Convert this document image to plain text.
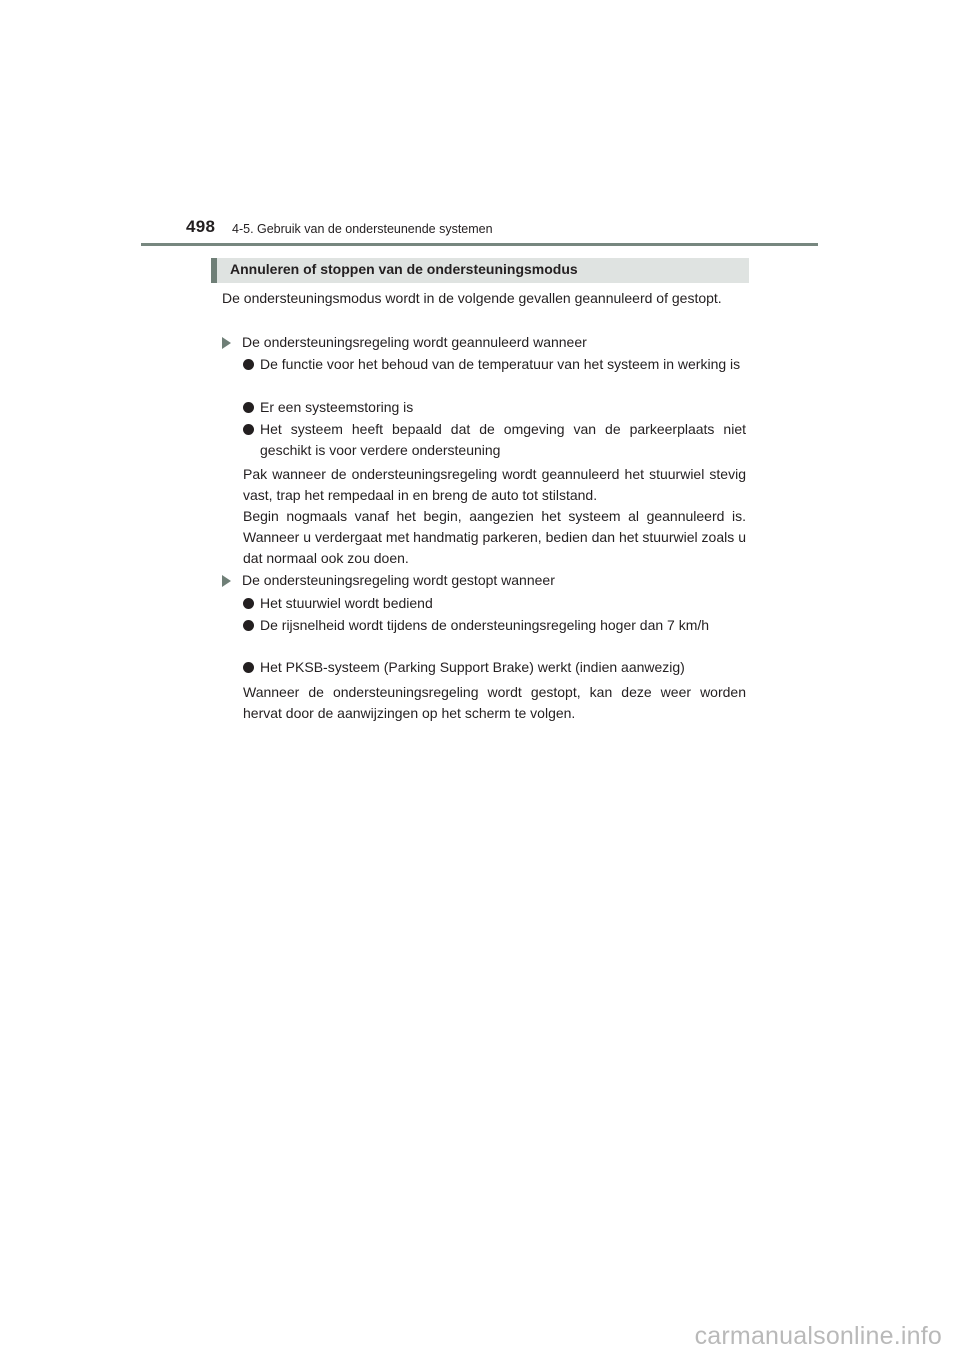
498 4-5. Gebruik van de ondersteunende systemen
Annuleren of stoppen van de ondersteuningsmodus

De ondersteuningsmodus wordt in de volgende gevallen geannuleerd of gestopt.

De ondersteuningsregeling wordt geannuleerd wanneer

De functie voor het behoud van de temperatuur van het systeem in werking is

Er een systeemstoring is

Het systeem heeft bepaald dat de omgeving van de parkeerplaats niet geschikt is voor verdere ondersteuning

Pak wanneer de ondersteuningsregeling wordt geannuleerd het stuurwiel stevig vast, trap het rempedaal in en breng de auto tot stilstand.

Begin nogmaals vanaf het begin, aangezien het systeem al geannuleerd is. Wanneer u verdergaat met handmatig parkeren, bedien dan het stuurwiel zoals u dat normaal ook zou doen.

De ondersteuningsregeling wordt gestopt wanneer

Het stuurwiel wordt bediend

De rijsnelheid wordt tijdens de ondersteuningsregeling hoger dan 7 km/h

Het PKSB-systeem (Parking Support Brake) werkt (indien aanwezig)

Wanneer de ondersteuningsregeling wordt gestopt, kan deze weer worden hervat door de aanwijzingen op het scherm te volgen.

carmanualsonline.info
